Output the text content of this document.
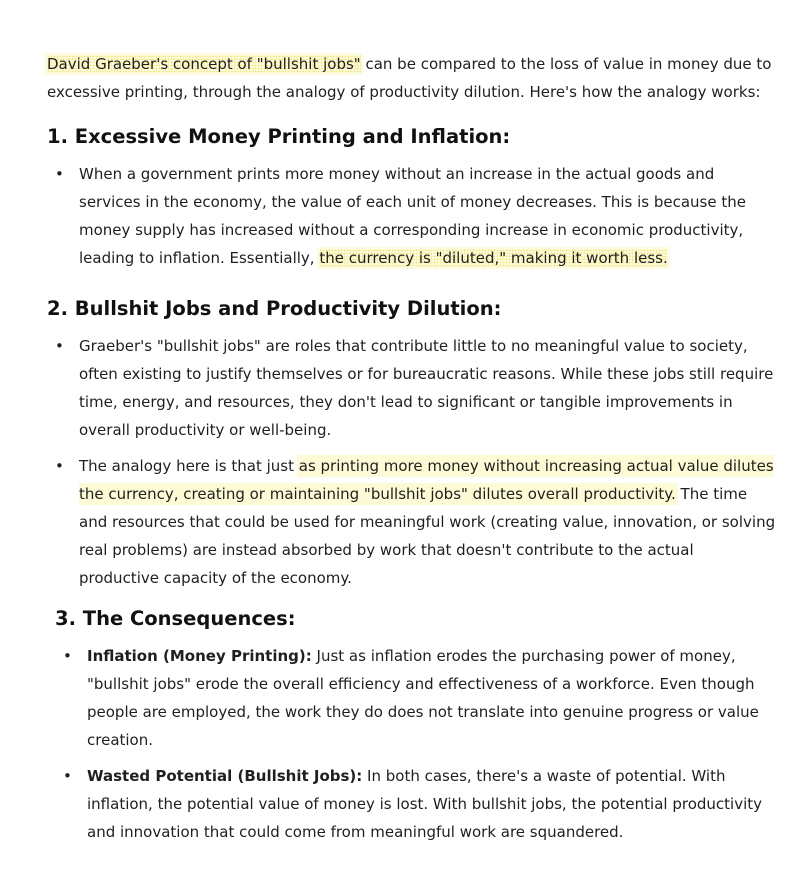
David Graeber's concept of "bullshit jobs" can be compared to the loss of value in money due to excessive printing, through the analogy of productivity dilution. Here's how the analogy works:

1. Excessive Money Printing and Inflation:
• When a government prints more money without an increase in the actual goods and services in the economy, the value of each unit of money decreases. This is because the money supply has increased without a corresponding increase in economic productivity, leading to inflation. Essentially, the currency is "diluted," making it worth less.
2. Bullshit Jobs and Productivity Dilution:
• Graeber's "bullshit jobs" are roles that contribute little to no meaningful value to society, often existing to justify themselves or for bureaucratic reasons. While these jobs still require time, energy, and resources, they don't lead to significant or tangible improvements in overall productivity or well-being.
• The analogy here is that just as printing more money without increasing actual value dilutes the currency, creating or maintaining "bullshit jobs" dilutes overall productivity. The time and resources that could be used for meaningful work (creating value, innovation, or solving real problems) are instead absorbed by work that doesn't contribute to the actual productive capacity of the economy.
3. The Consequences:
• Inflation (Money Printing): Just as inflation erodes the purchasing power of money, "bullshit jobs" erode the overall efficiency and effectiveness of a workforce. Even though people are employed, the work they do does not translate into genuine progress or value creation.
• Wasted Potential (Bullshit Jobs): In both cases, there's a waste of potential. With inflation, the potential value of money is lost. With bullshit jobs, the potential productivity and innovation that could come from meaningful work are squandered.
